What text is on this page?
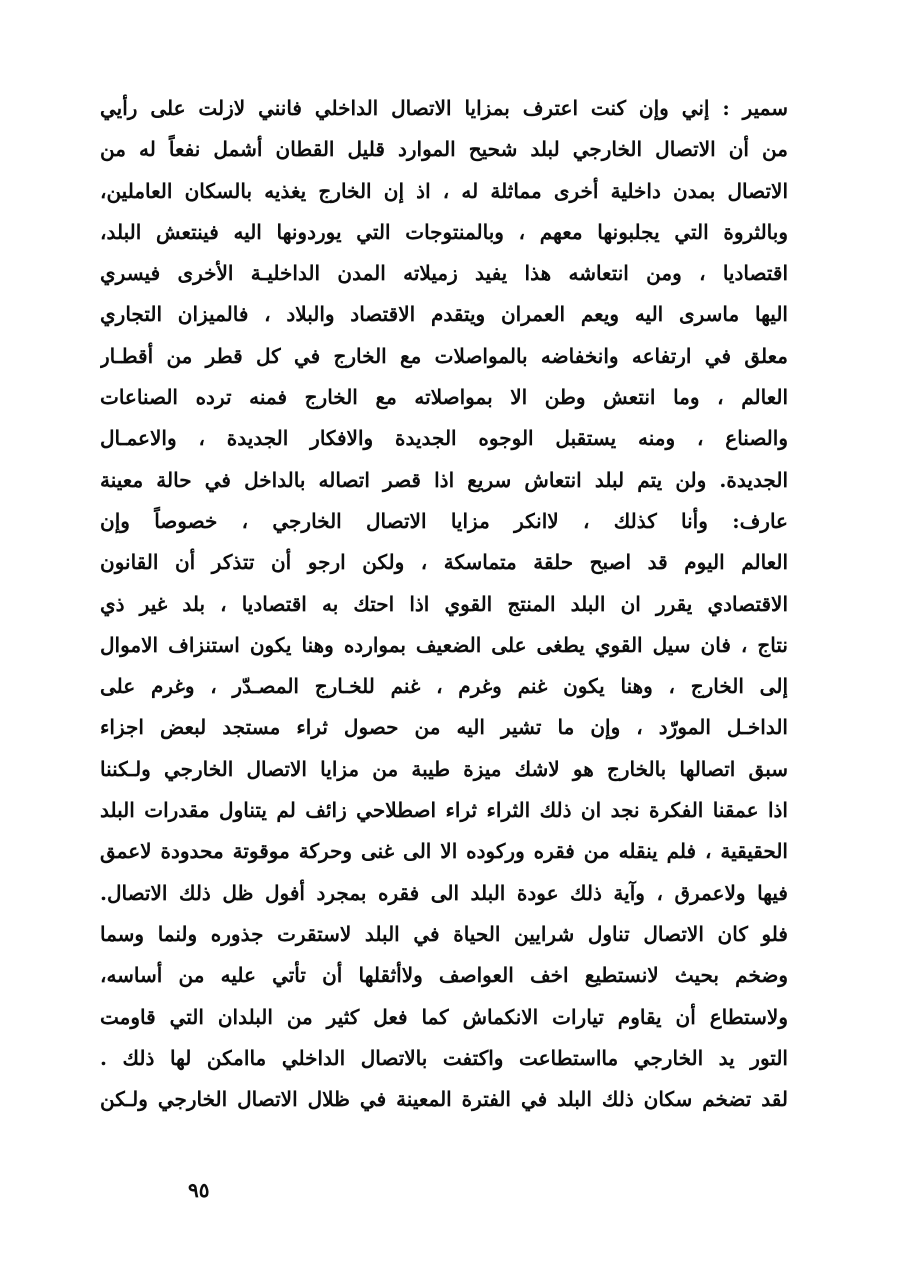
سمير : إني وإن كنت اعترف بمزايا الاتصال الداخلي فانني لازلت على رأيي
من أن الاتصال الخارجي لبلد شحيح الموارد قليل القطان أشمل نفعاً له من
الاتصال بمدن داخلية أخرى مماثلة له ، اذ إن الخارج يغذيه بالسكان العاملين،
وبالثروة التي يجلبونها معهم ، وبالمنتوجات التي يوردونها اليه فينتعش البلد،
اقتصاديا ، ومن انتعاشه هذا يفيد زميلاته المدن الداخليـة الأخرى فيسري
اليها ماسرى اليه ويعم العمران ويتقدم الاقتصاد والبلاد ، فالميزان التجاري
معلق في ارتفاعه وانخفاضه بالمواصلات مع الخارج في كل قطر من أقطـار
العالم ، وما انتعش وطن الا بمواصلاته مع الخارج فمنه ترده الصناعات
والصناع ، ومنه يستقبل الوجوه الجديدة والافكار الجديدة ، والاعمـال
الجديدة. ولن يتم لبلد انتعاش سريع اذا قصر اتصاله بالداخل في حالة معينة
عارف: وأنا كذلك ، لاانكر مزايا الاتصال الخارجي ، خصوصاً وإن
العالم اليوم قد اصبح حلقة متماسكة ، ولكن ارجو أن تتذكر أن القانون
الاقتصادي يقرر ان البلد المنتج القوي اذا احتك به اقتصاديا ، بلد غير ذي
نتاج ، فان سيل القوي يطغى على الضعيف بموارده وهنا يكون استنزاف الاموال
إلى الخارج ، وهنا يكون غنم وغرم ، غنم للخـارج المصـدّر ، وغرم على
الداخـل المورّد ، وإن ما تشير اليه من حصول ثراء مستجد لبعض اجزاء
سبق اتصالها بالخارج هو لاشك ميزة طيبة من مزايا الاتصال الخارجي ولـكننا
اذا عمقنا الفكرة نجد ان ذلك الثراء ثراء اصطلاحي زائف لم يتناول مقدرات البلد
الحقيقية ، فلم ينقله من فقره وركوده الا الى غنى وحركة موقوتة محدودة لاعمق
فيها ولاعمرق ، وآية ذلك عودة البلد الى فقره بمجرد أفول ظل ذلك الاتصال.
فلو كان الاتصال تناول شرايين الحياة في البلد لاستقرت جذوره ولنما وسما
وضخم بحيث لانستطيع اخف العواصف ولاأثقلها أن تأتي عليه من أساسه،
ولاستطاع أن يقاوم تيارات الانكماش كما فعل كثير من البلدان التي قاومت
التور يد الخارجي مااستطاعت واكتفت بالاتصال الداخلي ماامكن لها ذلك .
لقد تضخم سكان ذلك البلد في الفترة المعينة في ظلال الاتصال الخارجي ولـكن
٩٥
